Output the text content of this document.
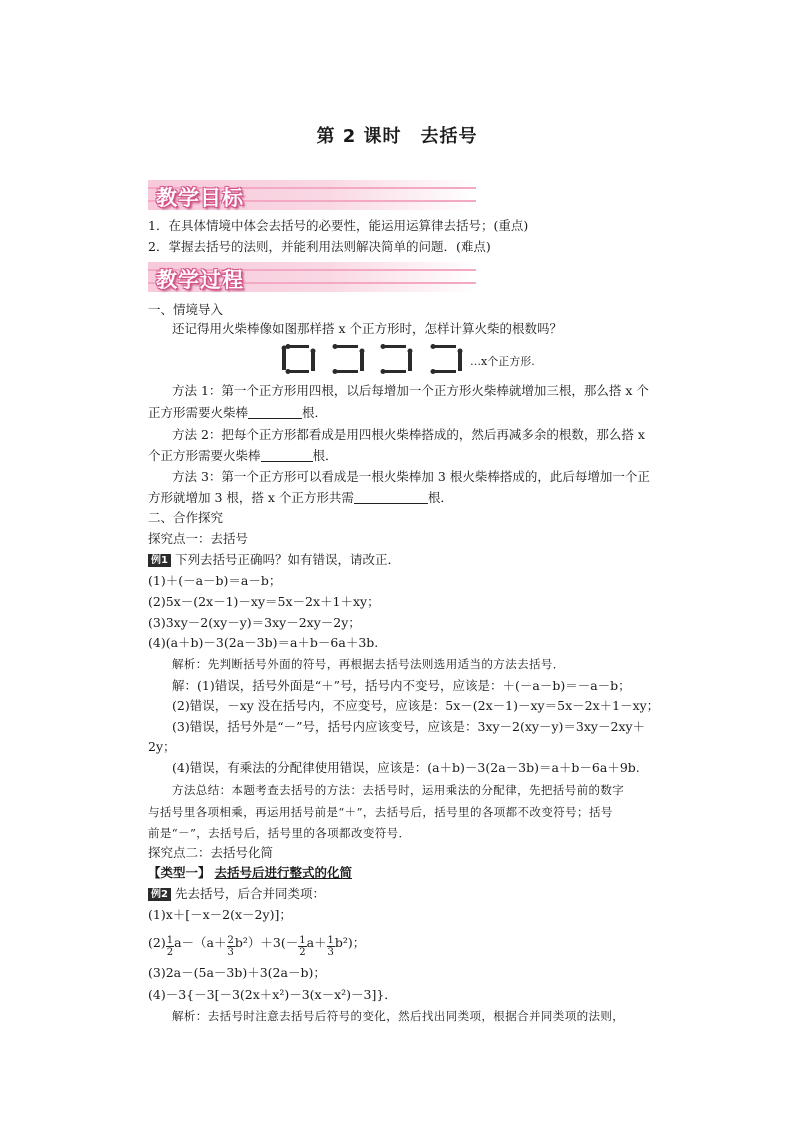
第 2 课时　去括号
教学目标
1．在具体情境中体会去括号的必要性，能运用运算律去括号；(重点)
2．掌握去括号的法则，并能利用法则解决简单的问题．(难点)
教学过程
一、情境导入
还记得用火柴棒像如图那样搭 x 个正方形时，怎样计算火柴的根数吗？
…x个正方形.
方法 1：第一个正方形用四根，以后每增加一个正方形火柴棒就增加三根，那么搭 x 个
正方形需要火柴棒	根．
方法 2：把每个正方形都看成是用四根火柴棒搭成的，然后再减多余的根数，那么搭 x
个正方形需要火柴棒	根．
方法 3：第一个正方形可以看成是一根火柴棒加 3 根火柴棒搭成的，此后每增加一个正
方形就增加 3 根，搭 x 个正方形共需	根．
二、合作探究
探究点一：去括号
例1 下列去括号正确吗？如有错误，请改正．
(1)＋(－a－b)＝a－b；
(2)5x－(2x－1)－xy＝5x－2x＋1＋xy；
(3)3xy－2(xy－y)＝3xy－2xy－2y；
(4)(a＋b)－3(2a－3b)＝a＋b－6a＋3b.
解析：先判断括号外面的符号，再根据去括号法则选用适当的方法去括号．
解：(1)错误，括号外面是“＋”号，括号内不变号，应该是：＋(－a－b)＝－a－b；
(2)错误，－xy 没在括号内，不应变号，应该是：5x－(2x－1)－xy＝5x－2x＋1－xy；
(3)错误，括号外是“－”号，括号内应该变号，应该是：3xy－2(xy－y)＝3xy－2xy＋
2y；
(4)错误，有乘法的分配律使用错误，应该是：(a＋b)－3(2a－3b)＝a＋b－6a＋9b.
方法总结：本题考查去括号的方法：去括号时，运用乘法的分配律，先把括号前的数字
与括号里各项相乘，再运用括号前是“＋”，去括号后，括号里的各项都不改变符号；括号
前是“－”，去括号后，括号里的各项都改变符号．
探究点二：去括号化简
【类型一】 去括号后进行整式的化简
例2 先去括号，后合并同类项：
(1)x＋[－x－2(x－2y)]；
$(2) \frac{1}{2} a-(a+ \frac{2}{3} b^2)+3(- \frac{1}{2} a+ \frac{1}{3} b^2)$；
(3)2a－(5a－3b)＋3(2a－b)；
(4)－3{－3[－3(2x＋x²)－3(x－x²)－3]}．
解析：去括号时注意去括号后符号的变化，然后找出同类项，根据合并同类项的法则，
